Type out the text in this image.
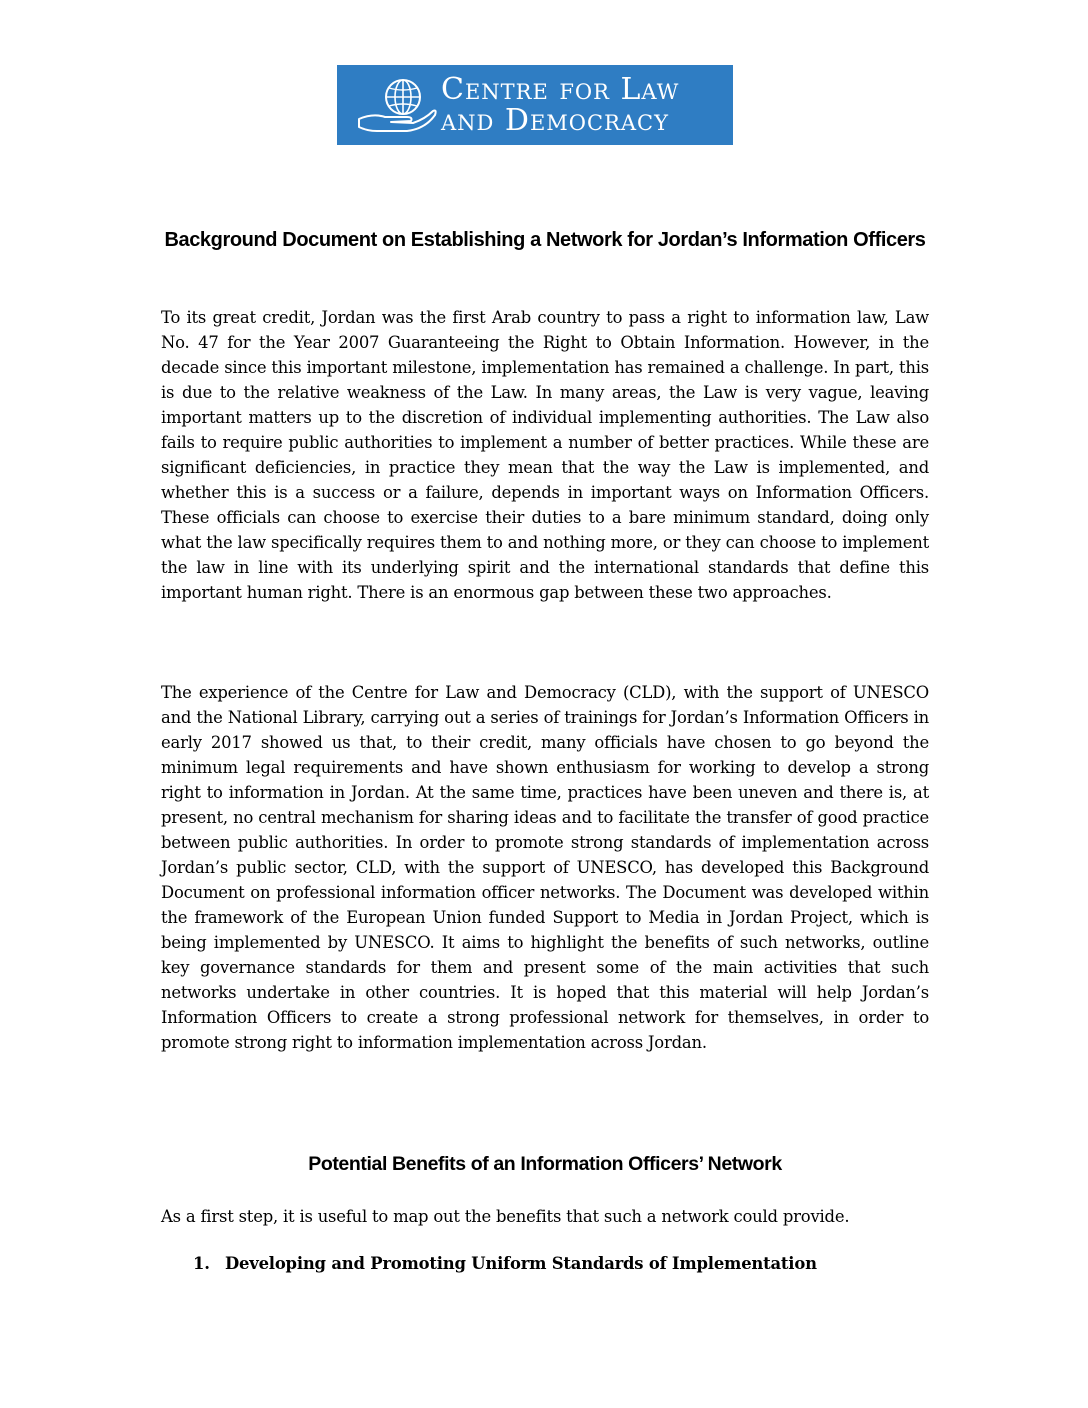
Centre for Law
and Democracy
Background Document on Establishing a Network for Jordan’s Information Officers
To its great credit, Jordan was the first Arab country to pass a right to information law, Law No. 47 for the Year 2007 Guaranteeing the Right to Obtain Information. However, in the decade since this important milestone, implementation has remained a challenge. In part, this is due to the relative weakness of the Law. In many areas, the Law is very vague, leaving important matters up to the discretion of individual implementing authorities. The Law also fails to require public authorities to implement a number of better practices. While these are significant deficiencies, in practice they mean that the way the Law is implemented, and whether this is a success or a failure, depends in important ways on Information Officers. These officials can choose to exercise their duties to a bare minimum standard, doing only what the law specifically requires them to and nothing more, or they can choose to implement the law in line with its underlying spirit and the international standards that define this important human right. There is an enormous gap between these two approaches.
The experience of the Centre for Law and Democracy (CLD), with the support of UNESCO and the National Library, carrying out a series of trainings for Jordan’s Information Officers in early 2017 showed us that, to their credit, many officials have chosen to go beyond the minimum legal requirements and have shown enthusiasm for working to develop a strong right to information in Jordan. At the same time, practices have been uneven and there is, at present, no central mechanism for sharing ideas and to facilitate the transfer of good practice between public authorities. In order to promote strong standards of implementation across Jordan’s public sector, CLD, with the support of UNESCO, has developed this Background Document on professional information officer networks. The Document was developed within the framework of the European Union funded Support to Media in Jordan Project, which is being implemented by UNESCO. It aims to highlight the benefits of such networks, outline key governance standards for them and present some of the main activities that such networks undertake in other countries. It is hoped that this material will help Jordan’s Information Officers to create a strong professional network for themselves, in order to promote strong right to information implementation across Jordan.
Potential Benefits of an Information Officers’ Network
As a first step, it is useful to map out the benefits that such a network could provide.
1. Developing and Promoting Uniform Standards of Implementation
